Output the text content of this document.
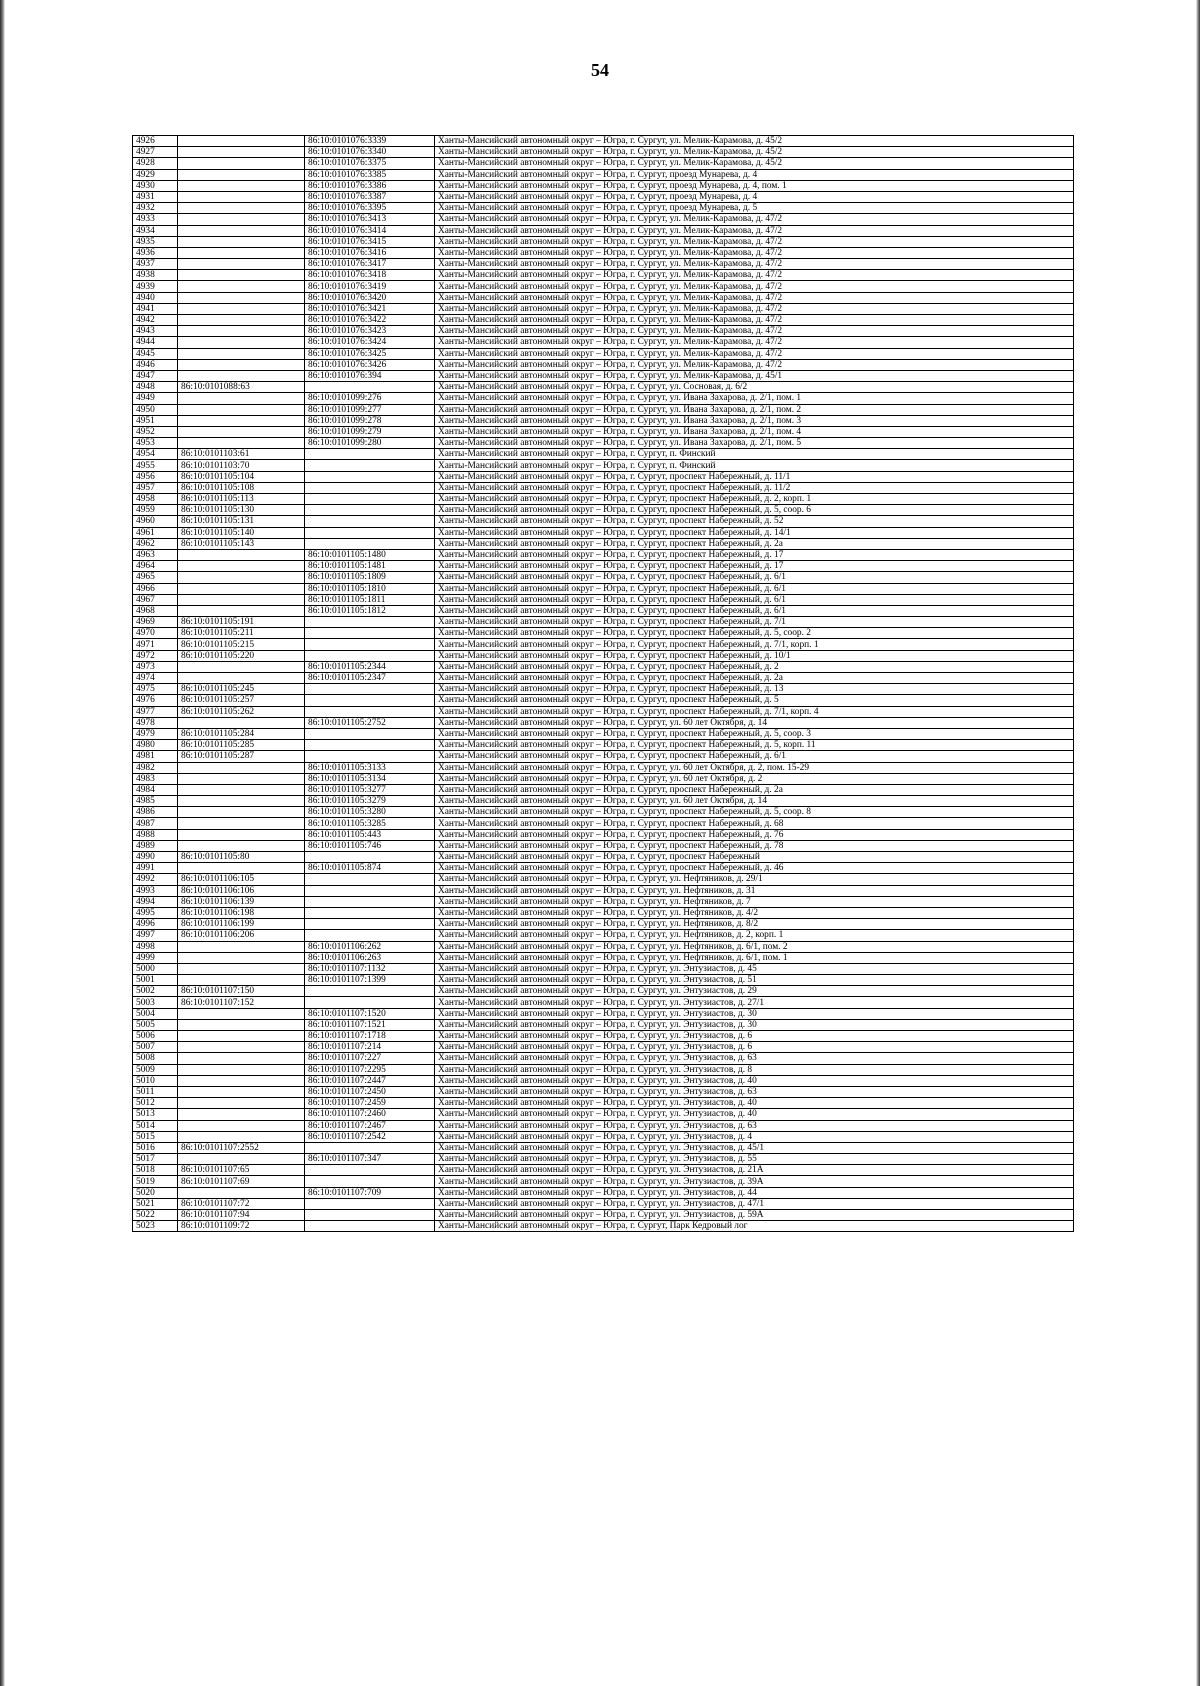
54
4926		86:10:0101076:3339	Ханты-Мансийский автономный округ – Югра, г. Сургут, ул. Мелик-Карамова, д. 45/2
4927		86:10:0101076:3340	Ханты-Мансийский автономный округ – Югра, г. Сургут, ул. Мелик-Карамова, д. 45/2
4928		86:10:0101076:3375	Ханты-Мансийский автономный округ – Югра, г. Сургут, ул. Мелик-Карамова, д. 45/2
4929		86:10:0101076:3385	Ханты-Мансийский автономный округ – Югра, г. Сургут, проезд Мунарева, д. 4
4930		86:10:0101076:3386	Ханты-Мансийский автономный округ – Югра, г. Сургут, проезд Мунарева, д. 4, пом. 1
4931		86:10:0101076:3387	Ханты-Мансийский автономный округ – Югра, г. Сургут, проезд Мунарева, д. 4
4932		86:10:0101076:3395	Ханты-Мансийский автономный округ – Югра, г. Сургут, проезд Мунарева, д. 5
4933		86:10:0101076:3413	Ханты-Мансийский автономный округ – Югра, г. Сургут, ул. Мелик-Карамова, д. 47/2
4934		86:10:0101076:3414	Ханты-Мансийский автономный округ – Югра, г. Сургут, ул. Мелик-Карамова, д. 47/2
4935		86:10:0101076:3415	Ханты-Мансийский автономный округ – Югра, г. Сургут, ул. Мелик-Карамова, д. 47/2
4936		86:10:0101076:3416	Ханты-Мансийский автономный округ – Югра, г. Сургут, ул. Мелик-Карамова, д. 47/2
4937		86:10:0101076:3417	Ханты-Мансийский автономный округ – Югра, г. Сургут, ул. Мелик-Карамова, д. 47/2
4938		86:10:0101076:3418	Ханты-Мансийский автономный округ – Югра, г. Сургут, ул. Мелик-Карамова, д. 47/2
4939		86:10:0101076:3419	Ханты-Мансийский автономный округ – Югра, г. Сургут, ул. Мелик-Карамова, д. 47/2
4940		86:10:0101076:3420	Ханты-Мансийский автономный округ – Югра, г. Сургут, ул. Мелик-Карамова, д. 47/2
4941		86:10:0101076:3421	Ханты-Мансийский автономный округ – Югра, г. Сургут, ул. Мелик-Карамова, д. 47/2
4942		86:10:0101076:3422	Ханты-Мансийский автономный округ – Югра, г. Сургут, ул. Мелик-Карамова, д. 47/2
4943		86:10:0101076:3423	Ханты-Мансийский автономный округ – Югра, г. Сургут, ул. Мелик-Карамова, д. 47/2
4944		86:10:0101076:3424	Ханты-Мансийский автономный округ – Югра, г. Сургут, ул. Мелик-Карамова, д. 47/2
4945		86:10:0101076:3425	Ханты-Мансийский автономный округ – Югра, г. Сургут, ул. Мелик-Карамова, д. 47/2
4946		86:10:0101076:3426	Ханты-Мансийский автономный округ – Югра, г. Сургут, ул. Мелик-Карамова, д. 47/2
4947		86:10:0101076:394	Ханты-Мансийский автономный округ – Югра, г. Сургут, ул. Мелик-Карамова, д. 45/1
4948	86:10:0101088:63		Ханты-Мансийский автономный округ – Югра, г. Сургут, ул. Сосновая, д. 6/2
4949		86:10:0101099:276	Ханты-Мансийский автономный округ – Югра, г. Сургут, ул. Ивана Захарова, д. 2/1, пом. 1
4950		86:10:0101099:277	Ханты-Мансийский автономный округ – Югра, г. Сургут, ул. Ивана Захарова, д. 2/1, пом. 2
4951		86:10:0101099:278	Ханты-Мансийский автономный округ – Югра, г. Сургут, ул. Ивана Захарова, д. 2/1, пом. 3
4952		86:10:0101099:279	Ханты-Мансийский автономный округ – Югра, г. Сургут, ул. Ивана Захарова, д. 2/1, пом. 4
4953		86:10:0101099:280	Ханты-Мансийский автономный округ – Югра, г. Сургут, ул. Ивана Захарова, д. 2/1, пом. 5
4954	86:10:0101103:61		Ханты-Мансийский автономный округ – Югра, г. Сургут, п. Финский
4955	86:10:0101103:70		Ханты-Мансийский автономный округ – Югра, г. Сургут, п. Финский
4956	86:10:0101105:104		Ханты-Мансийский автономный округ – Югра, г. Сургут, проспект Набережный, д. 11/1
4957	86:10:0101105:108		Ханты-Мансийский автономный округ – Югра, г. Сургут, проспект Набережный, д. 11/2
4958	86:10:0101105:113		Ханты-Мансийский автономный округ – Югра, г. Сургут, проспект Набережный, д. 2, корп. 1
4959	86:10:0101105:130		Ханты-Мансийский автономный округ – Югра, г. Сургут, проспект Набережный, д. 5, соор. 6
4960	86:10:0101105:131		Ханты-Мансийский автономный округ – Югра, г. Сургут, проспект Набережный, д. 52
4961	86:10:0101105:140		Ханты-Мансийский автономный округ – Югра, г. Сургут, проспект Набережный, д. 14/1
4962	86:10:0101105:143		Ханты-Мансийский автономный округ – Югра, г. Сургут, проспект Набережный, д. 2а
4963		86:10:0101105:1480	Ханты-Мансийский автономный округ – Югра, г. Сургут, проспект Набережный, д. 17
4964		86:10:0101105:1481	Ханты-Мансийский автономный округ – Югра, г. Сургут, проспект Набережный, д. 17
4965		86:10:0101105:1809	Ханты-Мансийский автономный округ – Югра, г. Сургут, проспект Набережный, д. 6/1
4966		86:10:0101105:1810	Ханты-Мансийский автономный округ – Югра, г. Сургут, проспект Набережный, д. 6/1
4967		86:10:0101105:1811	Ханты-Мансийский автономный округ – Югра, г. Сургут, проспект Набережный, д. 6/1
4968		86:10:0101105:1812	Ханты-Мансийский автономный округ – Югра, г. Сургут, проспект Набережный, д. 6/1
4969	86:10:0101105:191		Ханты-Мансийский автономный округ – Югра, г. Сургут, проспект Набережный, д. 7/1
4970	86:10:0101105:211		Ханты-Мансийский автономный округ – Югра, г. Сургут, проспект Набережный, д. 5, соор. 2
4971	86:10:0101105:215		Ханты-Мансийский автономный округ – Югра, г. Сургут, проспект Набережный, д. 7/1, корп. 1
4972	86:10:0101105:220		Ханты-Мансийский автономный округ – Югра, г. Сургут, проспект Набережный, д. 10/1
4973		86:10:0101105:2344	Ханты-Мансийский автономный округ – Югра, г. Сургут, проспект Набережный, д. 2
4974		86:10:0101105:2347	Ханты-Мансийский автономный округ – Югра, г. Сургут, проспект Набережный, д. 2а
4975	86:10:0101105:245		Ханты-Мансийский автономный округ – Югра, г. Сургут, проспект Набережный, д. 13
4976	86:10:0101105:257		Ханты-Мансийский автономный округ – Югра, г. Сургут, проспект Набережный, д. 5
4977	86:10:0101105:262		Ханты-Мансийский автономный округ – Югра, г. Сургут, проспект Набережный, д. 7/1, корп. 4
4978		86:10:0101105:2752	Ханты-Мансийский автономный округ – Югра, г. Сургут, ул. 60 лет Октября, д. 14
4979	86:10:0101105:284		Ханты-Мансийский автономный округ – Югра, г. Сургут, проспект Набережный, д. 5, соор. 3
4980	86:10:0101105:285		Ханты-Мансийский автономный округ – Югра, г. Сургут, проспект Набережный, д. 5, корп. 11
4981	86:10:0101105:287		Ханты-Мансийский автономный округ – Югра, г. Сургут, проспект Набережный, д. 6/1
4982		86:10:0101105:3133	Ханты-Мансийский автономный округ – Югра, г. Сургут, ул. 60 лет Октября, д. 2, пом. 15-29
4983		86:10:0101105:3134	Ханты-Мансийский автономный округ – Югра, г. Сургут, ул. 60 лет Октября, д. 2
4984		86:10:0101105:3277	Ханты-Мансийский автономный округ – Югра, г. Сургут, проспект Набережный, д. 2а
4985		86:10:0101105:3279	Ханты-Мансийский автономный округ – Югра, г. Сургут, ул. 60 лет Октября, д. 14
4986		86:10:0101105:3280	Ханты-Мансийский автономный округ – Югра, г. Сургут, проспект Набережный, д. 5, соор. 8
4987		86:10:0101105:3285	Ханты-Мансийский автономный округ – Югра, г. Сургут, проспект Набережный, д. 68
4988		86:10:0101105:443	Ханты-Мансийский автономный округ – Югра, г. Сургут, проспект Набережный, д. 76
4989		86:10:0101105:746	Ханты-Мансийский автономный округ – Югра, г. Сургут, проспект Набережный, д. 78
4990	86:10:0101105:80		Ханты-Мансийский автономный округ – Югра, г. Сургут, проспект Набережный
4991		86:10:0101105:874	Ханты-Мансийский автономный округ – Югра, г. Сургут, проспект Набережный, д. 46
4992	86:10:0101106:105		Ханты-Мансийский автономный округ – Югра, г. Сургут, ул. Нефтяников, д. 29/1
4993	86:10:0101106:106		Ханты-Мансийский автономный округ – Югра, г. Сургут, ул. Нефтяников, д. 31
4994	86:10:0101106:139		Ханты-Мансийский автономный округ – Югра, г. Сургут, ул. Нефтяников, д. 7
4995	86:10:0101106:198		Ханты-Мансийский автономный округ – Югра, г. Сургут, ул. Нефтяников, д. 4/2
4996	86:10:0101106:199		Ханты-Мансийский автономный округ – Югра, г. Сургут, ул. Нефтяников, д. 8/2
4997	86:10:0101106:206		Ханты-Мансийский автономный округ – Югра, г. Сургут, ул. Нефтяников, д. 2, корп. 1
4998		86:10:0101106:262	Ханты-Мансийский автономный округ – Югра, г. Сургут, ул. Нефтяников, д. 6/1, пом. 2
4999		86:10:0101106:263	Ханты-Мансийский автономный округ – Югра, г. Сургут, ул. Нефтяников, д. 6/1, пом. 1
5000		86:10:0101107:1132	Ханты-Мансийский автономный округ – Югра, г. Сургут, ул. Энтузиастов, д. 45
5001		86:10:0101107:1399	Ханты-Мансийский автономный округ – Югра, г. Сургут, ул. Энтузиастов, д. 51
5002	86:10:0101107:150		Ханты-Мансийский автономный округ – Югра, г. Сургут, ул. Энтузиастов, д. 29
5003	86:10:0101107:152		Ханты-Мансийский автономный округ – Югра, г. Сургут, ул. Энтузиастов, д. 27/1
5004		86:10:0101107:1520	Ханты-Мансийский автономный округ – Югра, г. Сургут, ул. Энтузиастов, д. 30
5005		86:10:0101107:1521	Ханты-Мансийский автономный округ – Югра, г. Сургут, ул. Энтузиастов, д. 30
5006		86:10:0101107:1718	Ханты-Мансийский автономный округ – Югра, г. Сургут, ул. Энтузиастов, д. 6
5007		86:10:0101107:214	Ханты-Мансийский автономный округ – Югра, г. Сургут, ул. Энтузиастов, д. 6
5008		86:10:0101107:227	Ханты-Мансийский автономный округ – Югра, г. Сургут, ул. Энтузиастов, д. 63
5009		86:10:0101107:2295	Ханты-Мансийский автономный округ – Югра, г. Сургут, ул. Энтузиастов, д. 8
5010		86:10:0101107:2447	Ханты-Мансийский автономный округ – Югра, г. Сургут, ул. Энтузиастов, д. 40
5011		86:10:0101107:2450	Ханты-Мансийский автономный округ – Югра, г. Сургут, ул. Энтузиастов, д. 63
5012		86:10:0101107:2459	Ханты-Мансийский автономный округ – Югра, г. Сургут, ул. Энтузиастов, д. 40
5013		86:10:0101107:2460	Ханты-Мансийский автономный округ – Югра, г. Сургут, ул. Энтузиастов, д. 40
5014		86:10:0101107:2467	Ханты-Мансийский автономный округ – Югра, г. Сургут, ул. Энтузиастов, д. 63
5015		86:10:0101107:2542	Ханты-Мансийский автономный округ – Югра, г. Сургут, ул. Энтузиастов, д. 4
5016	86:10:0101107:2552		Ханты-Мансийский автономный округ – Югра, г. Сургут, ул. Энтузиастов, д. 45/1
5017		86:10:0101107:347	Ханты-Мансийский автономный округ – Югра, г. Сургут, ул. Энтузиастов, д. 55
5018	86:10:0101107:65		Ханты-Мансийский автономный округ – Югра, г. Сургут, ул. Энтузиастов, д. 21А
5019	86:10:0101107:69		Ханты-Мансийский автономный округ – Югра, г. Сургут, ул. Энтузиастов, д. 39А
5020		86:10:0101107:709	Ханты-Мансийский автономный округ – Югра, г. Сургут, ул. Энтузиастов, д. 44
5021	86:10:0101107:72		Ханты-Мансийский автономный округ – Югра, г. Сургут, ул. Энтузиастов, д. 47/1
5022	86:10:0101107:94		Ханты-Мансийский автономный округ – Югра, г. Сургут, ул. Энтузиастов, д. 59А
5023	86:10:0101109:72		Ханты-Мансийский автономный округ – Югра, г. Сургут, Парк Кедровый лог
